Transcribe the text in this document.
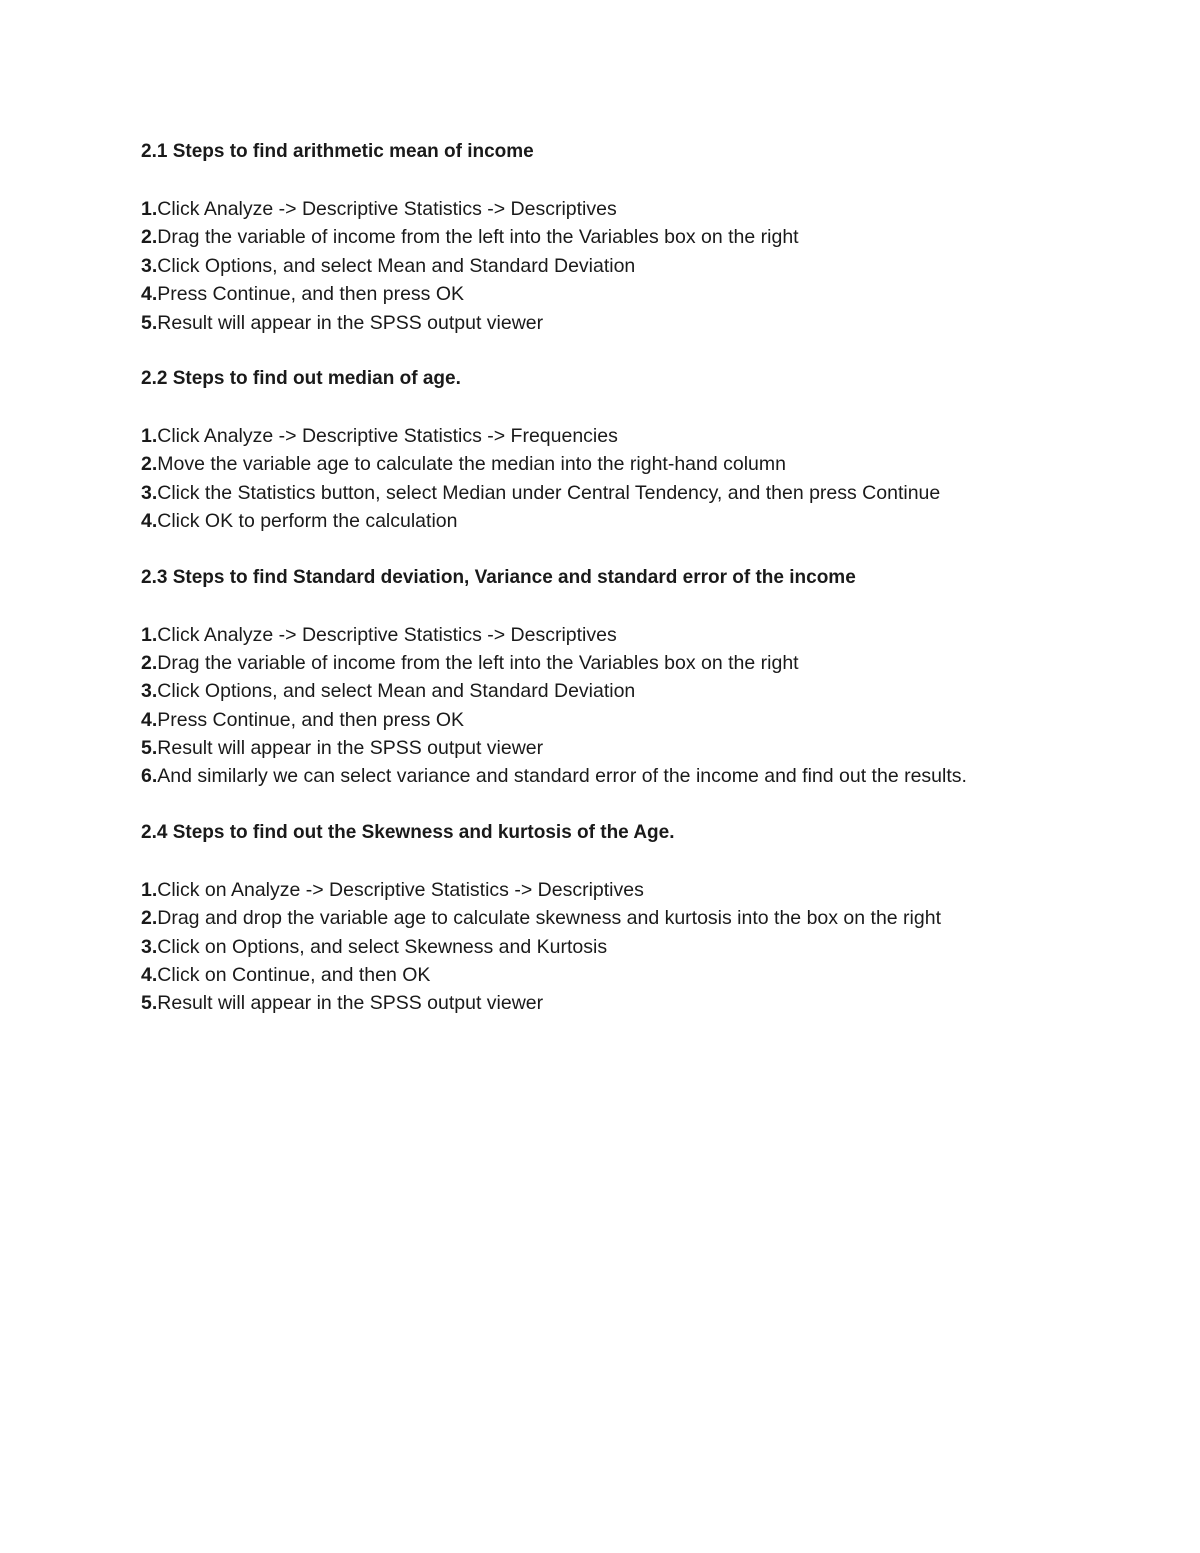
2.1 Steps to find arithmetic mean of income
1.Click Analyze -> Descriptive Statistics -> Descriptives
2.Drag the variable of income from the left into the Variables box on the right
3.Click Options, and select Mean and Standard Deviation
4.Press Continue, and then press OK
5.Result will appear in the SPSS output viewer
2.2 Steps to find out median of age.
1.Click Analyze -> Descriptive Statistics -> Frequencies
2.Move the variable age to calculate the median into the right-hand column
3.Click the Statistics button, select Median under Central Tendency, and then press Continue
4.Click OK to perform the calculation
2.3 Steps to find Standard deviation, Variance and standard error of the income
1.Click Analyze -> Descriptive Statistics -> Descriptives
2.Drag the variable of income from the left into the Variables box on the right
3.Click Options, and select Mean and Standard Deviation
4.Press Continue, and then press OK
5.Result will appear in the SPSS output viewer
6.And similarly we can select variance and standard error of the income and find out the results.
2.4 Steps to find out the Skewness and kurtosis of the Age.
1.Click on Analyze -> Descriptive Statistics -> Descriptives
2.Drag and drop the variable age to calculate skewness and kurtosis into the box on the right
3.Click on Options, and select Skewness and Kurtosis
4.Click on Continue, and then OK
5.Result will appear in the SPSS output viewer
